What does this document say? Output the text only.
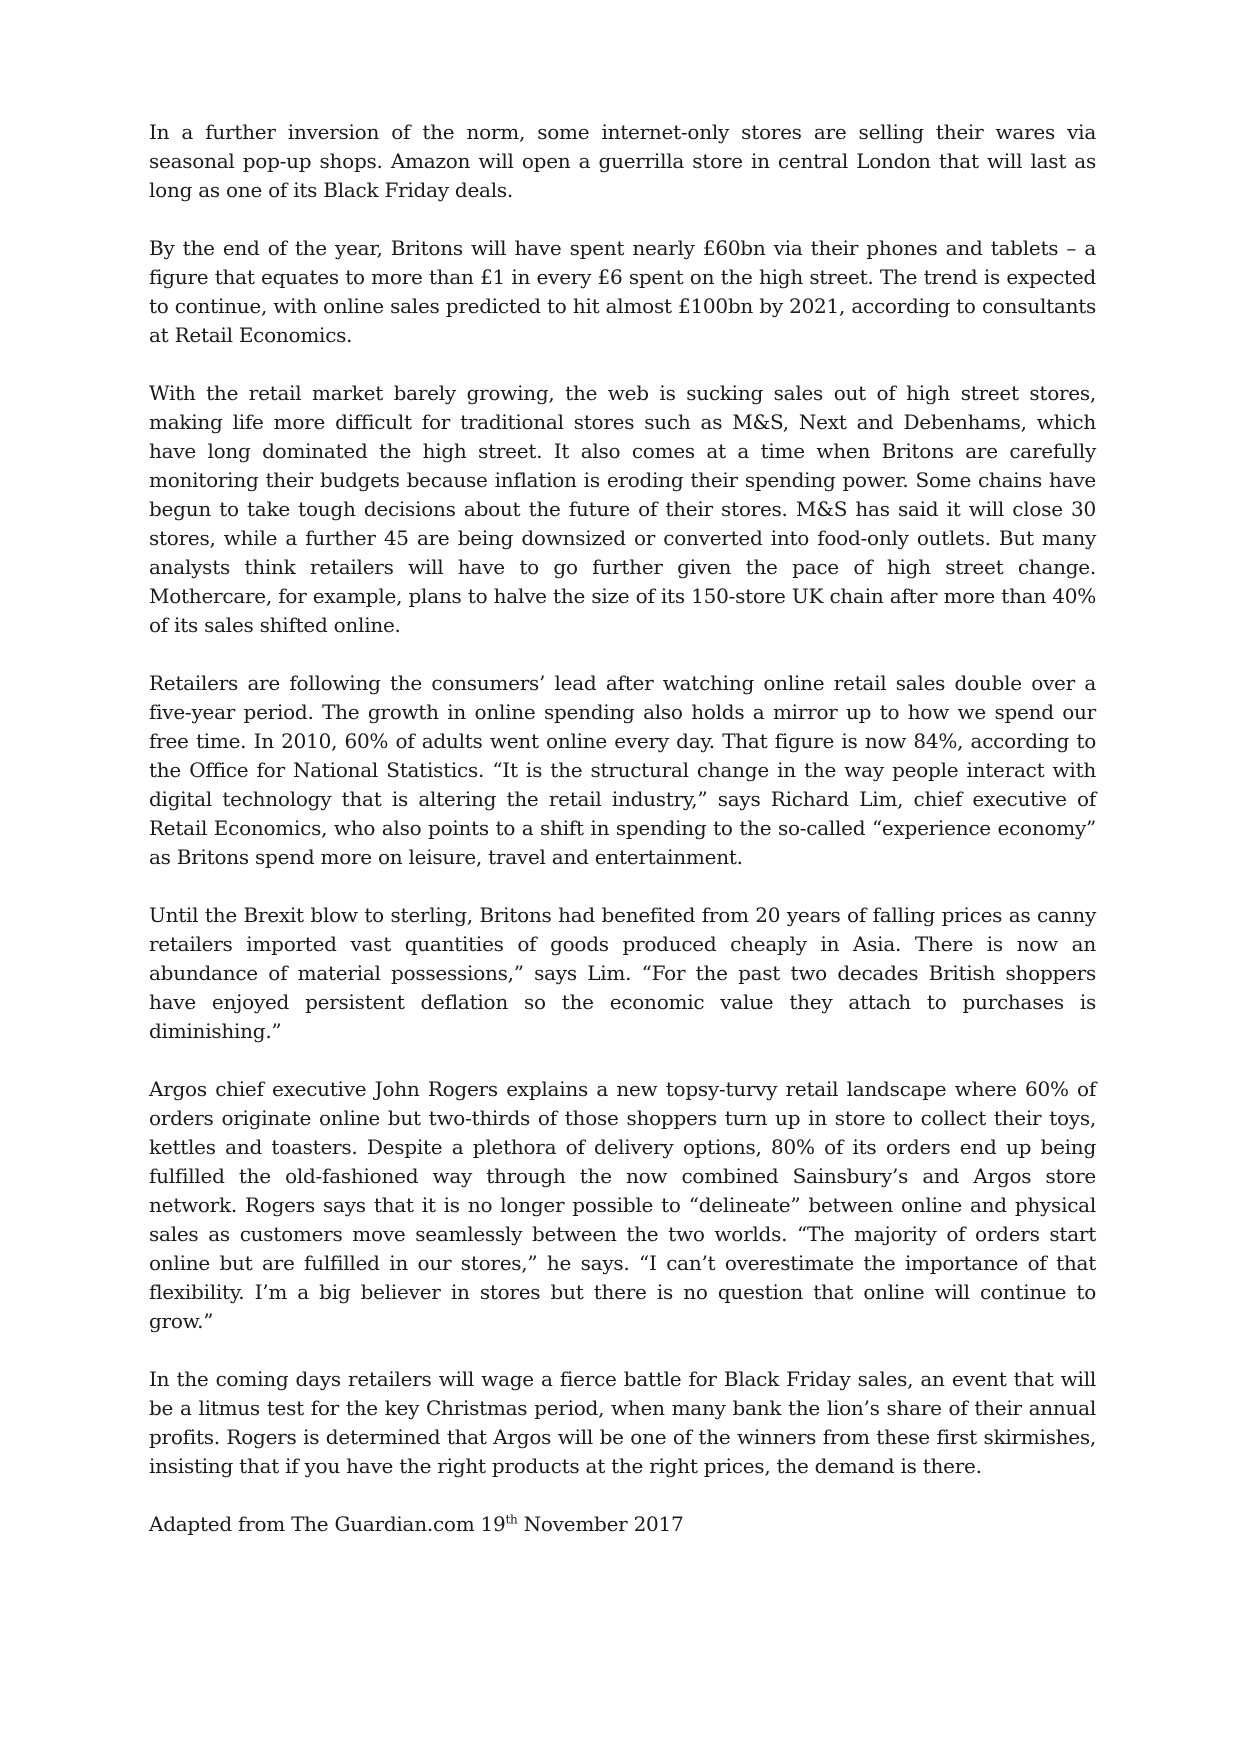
In a further inversion of the norm, some internet-only stores are selling their wares via seasonal pop-up shops. Amazon will open a guerrilla store in central London that will last as long as one of its Black Friday deals.

By the end of the year, Britons will have spent nearly £60bn via their phones and tablets – a figure that equates to more than £1 in every £6 spent on the high street. The trend is expected to continue, with online sales predicted to hit almost £100bn by 2021, according to consultants at Retail Economics.

With the retail market barely growing, the web is sucking sales out of high street stores, making life more difficult for traditional stores such as M&S, Next and Debenhams, which have long dominated the high street. It also comes at a time when Britons are carefully monitoring their budgets because inflation is eroding their spending power. Some chains have begun to take tough decisions about the future of their stores. M&S has said it will close 30 stores, while a further 45 are being downsized or converted into food-only outlets. But many analysts think retailers will have to go further given the pace of high street change. Mothercare, for example, plans to halve the size of its 150-store UK chain after more than 40% of its sales shifted online.

Retailers are following the consumers’ lead after watching online retail sales double over a five-year period. The growth in online spending also holds a mirror up to how we spend our free time. In 2010, 60% of adults went online every day. That figure is now 84%, according to the Office for National Statistics. “It is the structural change in the way people interact with digital technology that is altering the retail industry,” says Richard Lim, chief executive of Retail Economics, who also points to a shift in spending to the so-called “experience economy” as Britons spend more on leisure, travel and entertainment.

Until the Brexit blow to sterling, Britons had benefited from 20 years of falling prices as canny retailers imported vast quantities of goods produced cheaply in Asia. There is now an abundance of material possessions,” says Lim. “For the past two decades British shoppers have enjoyed persistent deflation so the economic value they attach to purchases is diminishing.”

Argos chief executive John Rogers explains a new topsy-turvy retail landscape where 60% of orders originate online but two-thirds of those shoppers turn up in store to collect their toys, kettles and toasters. Despite a plethora of delivery options, 80% of its orders end up being fulfilled the old-fashioned way through the now combined Sainsbury’s and Argos store network. Rogers says that it is no longer possible to “delineate” between online and physical sales as customers move seamlessly between the two worlds. “The majority of orders start online but are fulfilled in our stores,” he says. “I can’t overestimate the importance of that flexibility. I’m a big believer in stores but there is no question that online will continue to grow.”

In the coming days retailers will wage a fierce battle for Black Friday sales, an event that will be a litmus test for the key Christmas period, when many bank the lion’s share of their annual profits. Rogers is determined that Argos will be one of the winners from these first skirmishes, insisting that if you have the right products at the right prices, the demand is there.

Adapted from The Guardian.com 19th November 2017
